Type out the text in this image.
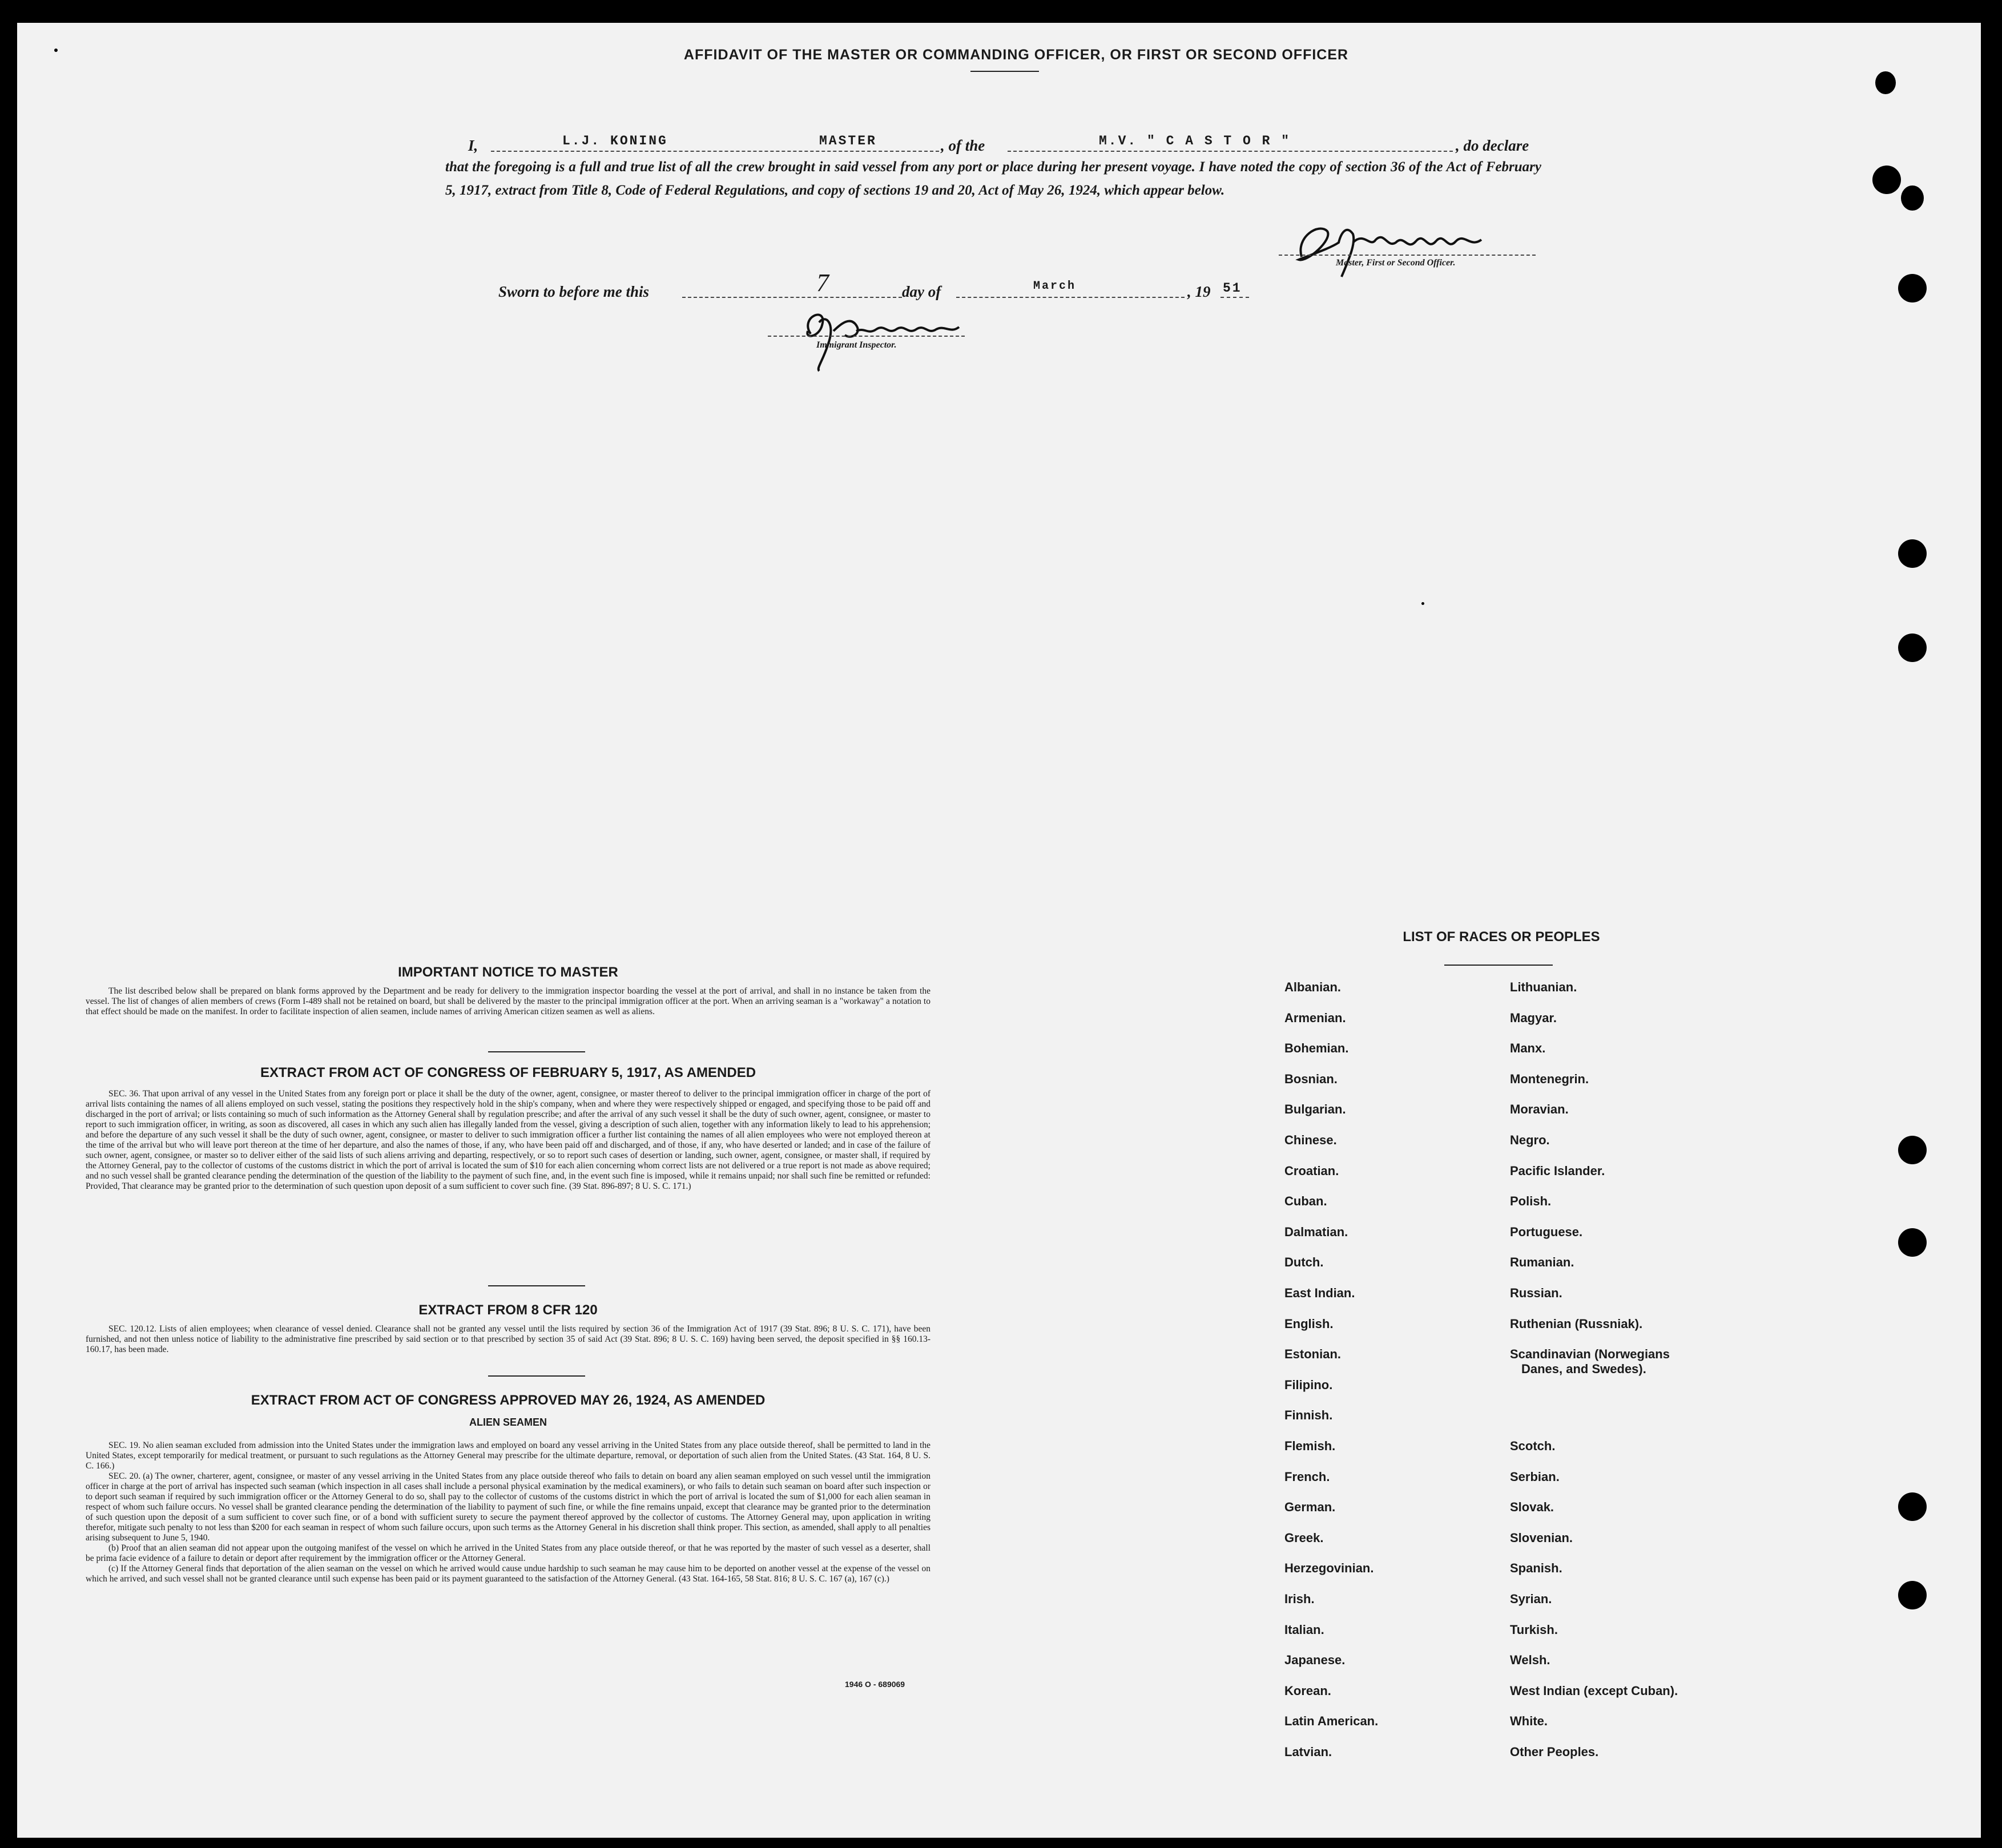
AFFIDAVIT OF THE MASTER OR COMMANDING OFFICER, OR FIRST OR SECOND OFFICER
I,	L.J. KONING	MASTER	, of the	M.V. " C A S T O R "	, do declare
that the foregoing is a full and true list of all the crew brought in said vessel from any port or place during her present voyage. I have noted the copy of section 36 of the Act of February 5, 1917, extract from Title 8, Code of Federal Regulations, and copy of sections 19 and 20, Act of May 26, 1924, which appear below.
Master, First or Second Officer.
Sworn to before me this	7	day of	March	, 19 51
Immigrant Inspector.
IMPORTANT NOTICE TO MASTER

The list described below shall be prepared on blank forms approved by the Department and be ready for delivery to the immigration inspector boarding the vessel at the port of arrival, and shall in no instance be taken from the vessel. The list of changes of alien members of crews (Form I-489 shall not be retained on board, but shall be delivered by the master to the principal immigration officer at the port. When an arriving seaman is a "workaway" a notation to that effect should be made on the manifest. In order to facilitate inspection of alien seamen, include names of arriving American citizen seamen as well as aliens.

EXTRACT FROM ACT OF CONGRESS OF FEBRUARY 5, 1917, AS AMENDED

SEC. 36. That upon arrival of any vessel in the United States from any foreign port or place it shall be the duty of the owner, agent, consignee, or master thereof to deliver to the principal immigration officer in charge of the port of arrival lists containing the names of all aliens employed on such vessel, stating the positions they respectively hold in the ship's company, when and where they were respectively shipped or engaged, and specifying those to be paid off and discharged in the port of arrival; or lists containing so much of such information as the Attorney General shall by regulation prescribe; and after the arrival of any such vessel it shall be the duty of such owner, agent, consignee, or master to report to such immigration officer, in writing, as soon as discovered, all cases in which any such alien has illegally landed from the vessel, giving a description of such alien, together with any information likely to lead to his apprehension; and before the departure of any such vessel it shall be the duty of such owner, agent, consignee, or master to deliver to such immigration officer a further list containing the names of all alien employees who were not employed thereon at the time of the arrival but who will leave port thereon at the time of her departure, and also the names of those, if any, who have been paid off and discharged, and of those, if any, who have deserted or landed; and in case of the failure of such owner, agent, consignee, or master so to deliver either of the said lists of such aliens arriving and departing, respectively, or so to report such cases of desertion or landing, such owner, agent, consignee, or master shall, if required by the Attorney General, pay to the collector of customs of the customs district in which the port of arrival is located the sum of $10 for each alien concerning whom correct lists are not delivered or a true report is not made as above required; and no such vessel shall be granted clearance pending the determination of the question of the liability to the payment of such fine, and, in the event such fine is imposed, while it remains unpaid; nor shall such fine be remitted or refunded: Provided, That clearance may be granted prior to the determination of such question upon deposit of a sum sufficient to cover such fine. (39 Stat. 896-897; 8 U. S. C. 171.)

EXTRACT FROM 8 CFR 120

SEC. 120.12. Lists of alien employees; when clearance of vessel denied. Clearance shall not be granted any vessel until the lists required by section 36 of the Immigration Act of 1917 (39 Stat. 896; 8 U. S. C. 171), have been furnished, and not then unless notice of liability to the administrative fine prescribed by said section or to that prescribed by section 35 of said Act (39 Stat. 896; 8 U. S. C. 169) having been served, the deposit specified in §§ 160.13-160.17, has been made.

EXTRACT FROM ACT OF CONGRESS APPROVED MAY 26, 1924, AS AMENDED
ALIEN SEAMEN

SEC. 19. No alien seaman excluded from admission into the United States under the immigration laws and employed on board any vessel arriving in the United States from any place outside thereof, shall be permitted to land in the United States, except temporarily for medical treatment, or pursuant to such regulations as the Attorney General may prescribe for the ultimate departure, removal, or deportation of such alien from the United States. (43 Stat. 164, 8 U. S. C. 166.)

SEC. 20. (a) The owner, charterer, agent, consignee, or master of any vessel arriving in the United States from any place outside thereof who fails to detain on board any alien seaman employed on such vessel until the immigration officer in charge at the port of arrival has inspected such seaman (which inspection in all cases shall include a personal physical examination by the medical examiners), or who fails to detain such seaman on board after such inspection or to deport such seaman if required by such immigration officer or the Attorney General to do so, shall pay to the collector of customs of the customs district in which the port of arrival is located the sum of $1,000 for each alien seaman in respect of whom such failure occurs. No vessel shall be granted clearance pending the determination of the liability to payment of such fine, or while the fine remains unpaid, except that clearance may be granted prior to the determination of such question upon the deposit of a sum sufficient to cover such fine, or of a bond with sufficient surety to secure the payment thereof approved by the collector of customs. The Attorney General may, upon application in writing therefor, mitigate such penalty to not less than $200 for each seaman in respect of whom such failure occurs, upon such terms as the Attorney General in his discretion shall think proper. This section, as amended, shall apply to all penalties arising subsequent to June 5, 1940.

(b) Proof that an alien seaman did not appear upon the outgoing manifest of the vessel on which he arrived in the United States from any place outside thereof, or that he was reported by the master of such vessel as a deserter, shall be prima facie evidence of a failure to detain or deport after requirement by the immigration officer or the Attorney General.

(c) If the Attorney General finds that deportation of the alien seaman on the vessel on which he arrived would cause undue hardship to such seaman he may cause him to be deported on another vessel at the expense of the vessel on which he arrived, and such vessel shall not be granted clearance until such expense has been paid or its payment guaranteed to the satisfaction of the Attorney General. (43 Stat. 164-165, 58 Stat. 816; 8 U. S. C. 167 (a), 167 (c).)

1946 O - 689069
LIST OF RACES OR PEOPLES
Albanian.
Armenian.
Bohemian.
Bosnian.
Bulgarian.
Chinese.
Croatian.
Cuban.
Dalmatian.
Dutch.
East Indian.
English.
Estonian.
Filipino.
Finnish.
Flemish.
French.
German.
Greek.
Herzegovinian.
Irish.
Italian.
Japanese.
Korean.
Latin American.
Latvian.
Lithuanian.
Magyar.
Manx.
Montenegrin.
Moravian.
Negro.
Pacific Islander.
Polish.
Portuguese.
Rumanian.
Russian.
Ruthenian (Russniak).
Scandinavian (Norwegians
Danes, and Swedes).
Scotch.
Serbian.
Slovak.
Slovenian.
Spanish.
Syrian.
Turkish.
Welsh.
West Indian (except Cuban).
White.
Other Peoples.
